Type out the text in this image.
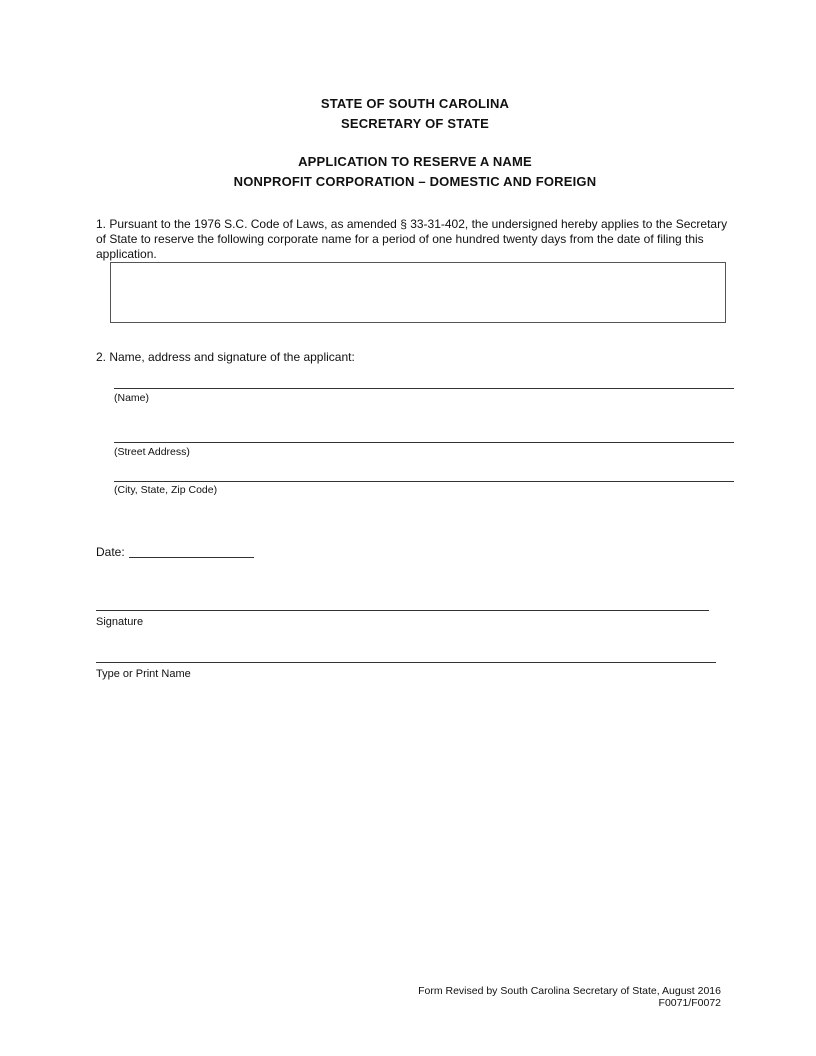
STATE OF SOUTH CAROLINA
SECRETARY OF STATE
APPLICATION TO RESERVE A NAME
NONPROFIT CORPORATION – DOMESTIC AND FOREIGN
1. Pursuant to the 1976 S.C. Code of Laws, as amended § 33-31-402, the undersigned hereby applies to the Secretary of State to reserve the following corporate name for a period of one hundred twenty days from the date of filing this application.
2. Name, address and signature of the applicant:
(Name)
(Street Address)
(City, State, Zip Code)
Date:
Signature
Type or Print Name
Form Revised by South Carolina Secretary of State, August 2016
F0071/F0072
